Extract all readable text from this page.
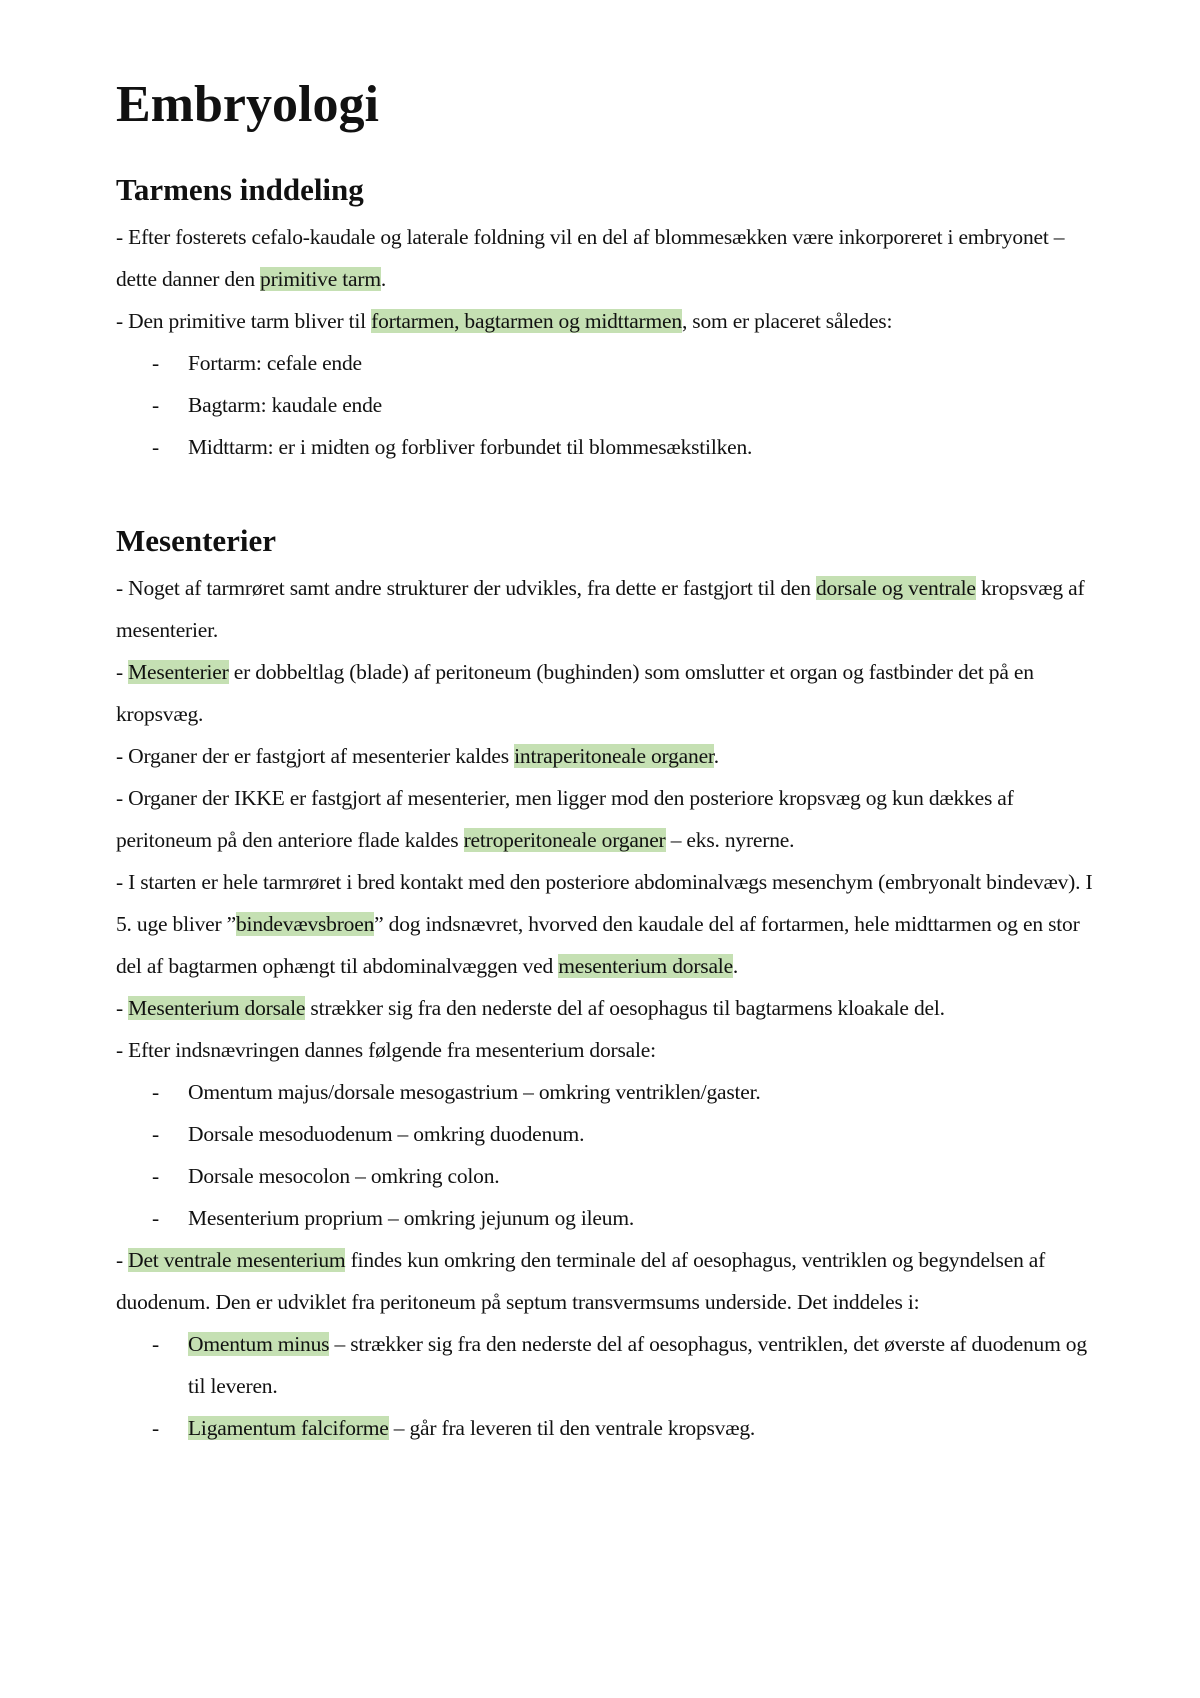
Embryologi
Tarmens inddeling

- Efter fosterets cefalo-kaudale og laterale foldning vil en del af blommesækken være inkorporeret i embryonet – dette danner den primitive tarm.

- Den primitive tarm bliver til fortarmen, bagtarmen og midttarmen, som er placeret således:

- Fortarm: cefale ende
- Bagtarm: kaudale ende
- Midttarm: er i midten og forbliver forbundet til blommesækstilken.
Mesenterier

- Noget af tarmrøret samt andre strukturer der udvikles, fra dette er fastgjort til den dorsale og ventrale kropsvæg af mesenterier.

- Mesenterier er dobbeltlag (blade) af peritoneum (bughinden) som omslutter et organ og fastbinder det på en kropsvæg.

- Organer der er fastgjort af mesenterier kaldes intraperitoneale organer.

- Organer der IKKE er fastgjort af mesenterier, men ligger mod den posteriore kropsvæg og kun dækkes af peritoneum på den anteriore flade kaldes retroperitoneale organer – eks. nyrerne.

- I starten er hele tarmrøret i bred kontakt med den posteriore abdominalvægs mesenchym (embryonalt bindevæv). I 5. uge bliver ”bindevævsbroen” dog indsnævret, hvorved den kaudale del af fortarmen, hele midttarmen og en stor del af bagtarmen ophængt til abdominalvæggen ved mesenterium dorsale.

- Mesenterium dorsale strækker sig fra den nederste del af oesophagus til bagtarmens kloakale del.

- Efter indsnævringen dannes følgende fra mesenterium dorsale:

- Omentum majus/dorsale mesogastrium – omkring ventriklen/gaster.
- Dorsale mesoduodenum – omkring duodenum.
- Dorsale mesocolon – omkring colon.
- Mesenterium proprium – omkring jejunum og ileum.

- Det ventrale mesenterium findes kun omkring den terminale del af oesophagus, ventriklen og begyndelsen af duodenum. Den er udviklet fra peritoneum på septum transvermsums underside. Det inddeles i:

- Omentum minus – strækker sig fra den nederste del af oesophagus, ventriklen, det øverste af duodenum og til leveren.
- Ligamentum falciforme – går fra leveren til den ventrale kropsvæg.
